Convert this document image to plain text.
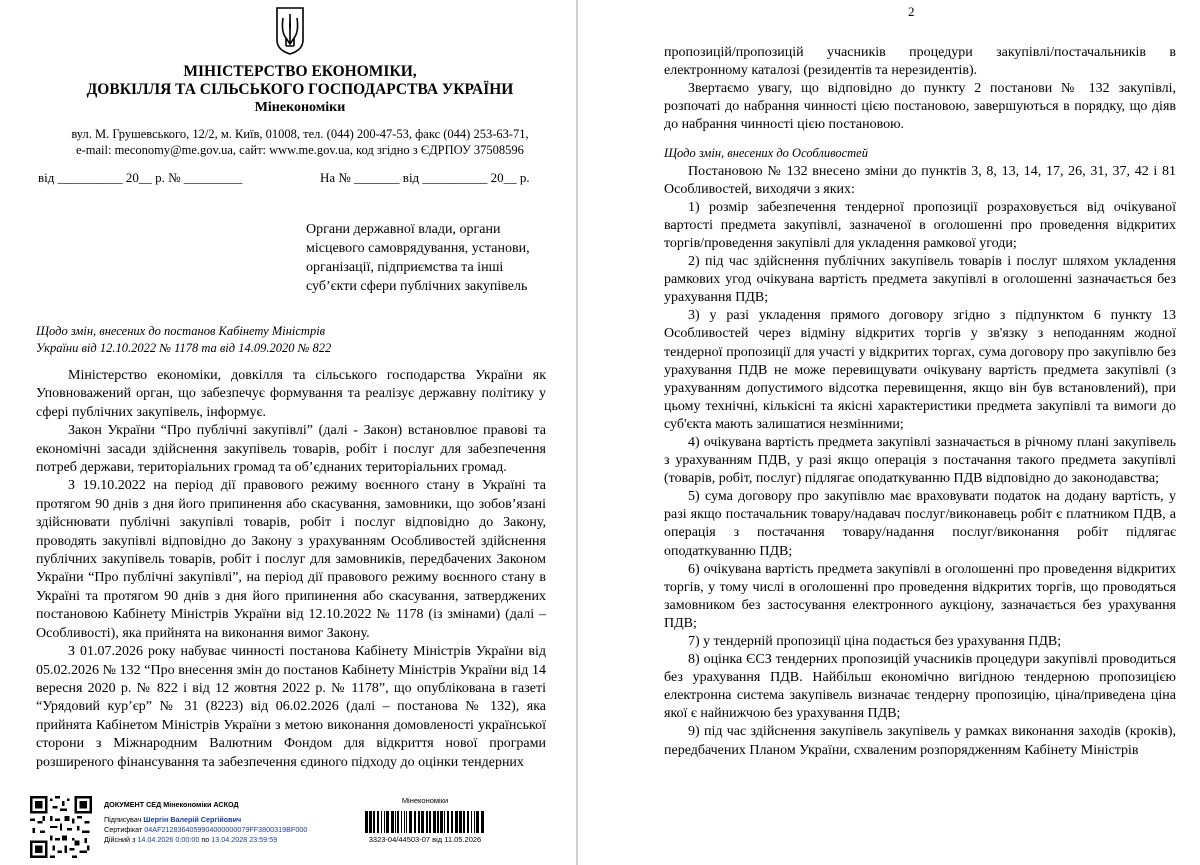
МІНІСТЕРСТВО ЕКОНОМІКИ,
ДОВКІЛЛЯ ТА СІЛЬСЬКОГО ГОСПОДАРСТВА УКРАЇНИ
Мінекономіки
вул. М. Грушевського, 12/2, м. Київ, 01008, тел. (044) 200-47-53, факс (044) 253-63-71,
e-mail: meconomy@me.gov.ua, сайт: www.me.gov.ua, код згідно з ЄДРПОУ 37508596
від __________ 20__ р. № _________	На № _______ від __________ 20__ р.
Органи державної влади, органи
місцевого самоврядування, установи,
організації, підприємства та інші
суб’єкти сфери публічних закупівель
Щодо змін, внесених до постанов Кабінету Міністрів
України від 12.10.2022 № 1178 та від 14.09.2020 № 822

Міністерство економіки, довкілля та сільського господарства України як Уповноважений орган, що забезпечує формування та реалізує державну політику у сфері публічних закупівель, інформує.

Закон України “Про публічні закупівлі” (далі - Закон) встановлює правові та економічні засади здійснення закупівель товарів, робіт і послуг для забезпечення потреб держави, територіальних громад та об’єднаних територіальних громад.

З 19.10.2022 на період дії правового режиму воєнного стану в Україні та протягом 90 днів з дня його припинення або скасування, замовники, що зобов’язані здійснювати публічні закупівлі товарів, робіт і послуг відповідно до Закону, проводять закупівлі відповідно до Закону з урахуванням Особливостей здійснення публічних закупівель товарів, робіт і послуг для замовників, передбачених Законом України “Про публічні закупівлі”, на період дії правового режиму воєнного стану в Україні та протягом 90 днів з дня його припинення або скасування, затверджених постановою Кабінету Міністрів України від 12.10.2022 № 1178 (із змінами) (далі – Особливості), яка прийнята на виконання вимог Закону.

З 01.07.2026 року набуває чинності постанова Кабінету Міністрів України від 05.02.2026 № 132 “Про внесення змін до постанов Кабінету Міністрів України від 14 вересня 2020 р. № 822 і від 12 жовтня 2022 р. № 1178”, що опублікована в газеті “Урядовий кур’єр” № 31 (8223) від 06.02.2026 (далі – постанова № 132), яка прийнята Кабінетом Міністрів України з метою виконання домовленості української сторони з Міжнародним Валютним Фондом для відкриття нової програми розширеного фінансування та забезпечення єдиного підходу до оцінки тендерних

ДОКУМЕНТ СЕД Мінекономіки АСКОД
Підписувач Шергін Валерій Сергійович
Сертифікат 04AF2128364059904000000079FF3800319BF000
Дійсний з 14.04.2026 0:00:00 по 13.04.2028 23:59:59
Мінекономіки
3323-04/44503-07 від 11.05.2026
2

пропозицій/пропозицій учасників процедури закупівлі/постачальників в електронному каталозі (резидентів та нерезидентів).

Звертаємо увагу, що відповідно до пункту 2 постанови № 132 закупівлі, розпочаті до набрання чинності цією постановою, завершуються в порядку, що діяв до набрання чинності цією постановою.

Щодо змін, внесених до Особливостей

Постановою № 132 внесено зміни до пунктів 3, 8, 13, 14, 17, 26, 31, 37, 42 і 81 Особливостей, виходячи з яких:

1) розмір забезпечення тендерної пропозиції розраховується від очікуваної вартості предмета закупівлі, зазначеної в оголошенні про проведення відкритих торгів/проведення закупівлі для укладення рамкової угоди;

2) під час здійснення публічних закупівель товарів і послуг шляхом укладення рамкових угод очікувана вартість предмета закупівлі в оголошенні зазначається без урахування ПДВ;

3) у разі укладення прямого договору згідно з підпунктом 6 пункту 13 Особливостей через відміну відкритих торгів у зв'язку з неподанням жодної тендерної пропозиції для участі у відкритих торгах, сума договору про закупівлю без урахування ПДВ не може перевищувати очікувану вартість предмета закупівлі (з урахуванням допустимого відсотка перевищення, якщо він був встановлений), при цьому технічні, кількісні та якісні характеристики предмета закупівлі та вимоги до суб'єкта мають залишатися незмінними;

4) очікувана вартість предмета закупівлі зазначається в річному плані закупівель з урахуванням ПДВ, у разі якщо операція з постачання такого предмета закупівлі (товарів, робіт, послуг) підлягає оподаткуванню ПДВ відповідно до законодавства;

5) сума договору про закупівлю має враховувати податок на додану вартість, у разі якщо постачальник товару/надавач послуг/виконавець робіт є платником ПДВ, а операція з постачання товару/надання послуг/виконання робіт підлягає оподаткуванню ПДВ;

6) очікувана вартість предмета закупівлі в оголошенні про проведення відкритих торгів, у тому числі в оголошенні про проведення відкритих торгів, що проводяться замовником без застосування електронного аукціону, зазначається без урахування ПДВ;

7) у тендерній пропозиції ціна подається без урахування ПДВ;

8) оцінка ЄСЗ тендерних пропозицій учасників процедури закупівлі проводиться без урахування ПДВ. Найбільш економічно вигідною тендерною пропозицією електронна система закупівель визначає тендерну пропозицію, ціна/приведена ціна якої є найнижчою без урахування ПДВ;

9) під час здійснення закупівель закупівель у рамках виконання заходів (кроків), передбачених Планом України, схваленим розпорядженням Кабінету Міністрів
